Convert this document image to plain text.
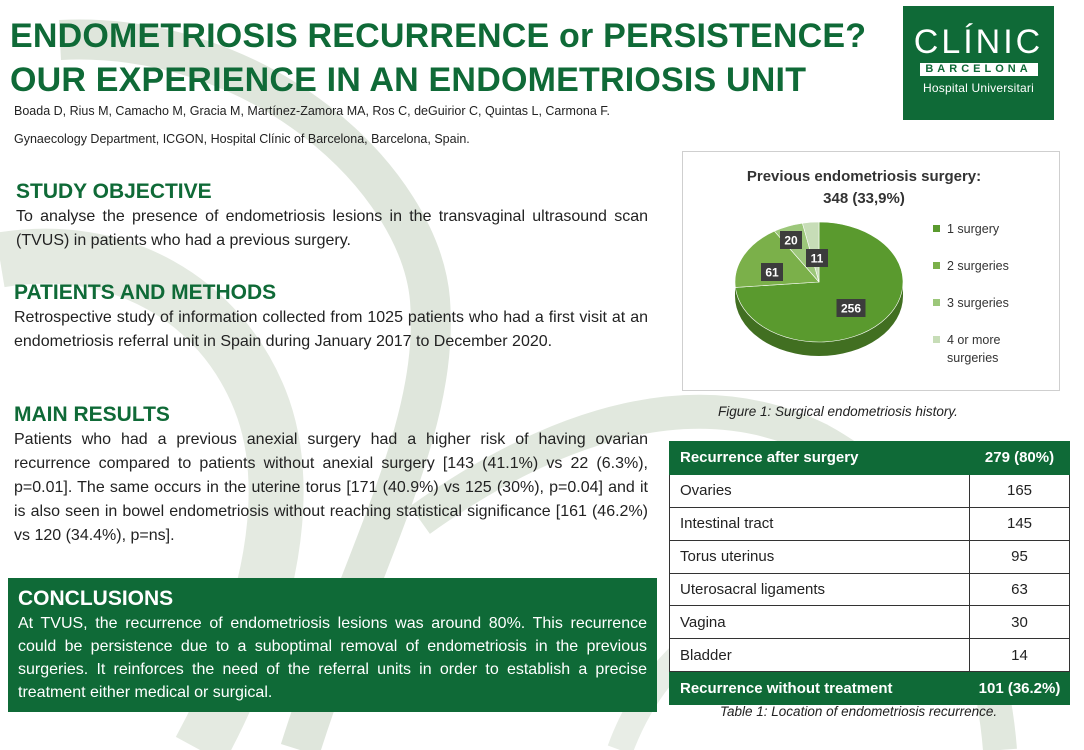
ENDOMETRIOSIS RECURRENCE or PERSISTENCE?
OUR EXPERIENCE IN AN ENDOMETRIOSIS UNIT
Boada D, Rius M, Camacho M, Gracia M, Martínez-Zamora MA, Ros C, deGuirior C, Quintas L, Carmona F.
Gynaecology Department, ICGON, Hospital Clínic of Barcelona, Barcelona, Spain.
CLÍNIC
BARCELONA
Hospital Universitari
STUDY OBJECTIVE
To analyse the presence of endometriosis lesions in the transvaginal ultrasound scan (TVUS) in patients who had a previous surgery.
PATIENTS AND METHODS
Retrospective study of information collected from 1025 patients who had a first visit at an endometriosis referral unit in Spain during January 2017 to December 2020.
MAIN RESULTS
Patients who had a previous anexial surgery had a higher risk of having ovarian recurrence compared to patients without anexial surgery [143 (41.1%) vs 22 (6.3%), p=0.01]. The same occurs in the uterine torus [171 (40.9%) vs 125 (30%), p=0.04] and it is also seen in bowel endometriosis without reaching statistical significance [161 (46.2%) vs 120 (34.4%), p=ns].
CONCLUSIONS
At TVUS, the recurrence of endometriosis lesions was around 80%. This recurrence could be persistence due to a suboptimal removal of endometriosis in the previous surgeries. It reinforces the need of the referral units in order to establish a precise treatment either medical or surgical.
Previous endometriosis surgery:
348 (33,9%)
256
61
20
11
1 surgery
2 surgeries
3 surgeries
4 or more surgeries
Figure 1: Surgical endometriosis history.
Recurrence after surgery	279 (80%)
Ovaries	165
Intestinal tract	145
Torus uterinus	95
Uterosacral ligaments	63
Vagina	30
Bladder	14
Recurrence without treatment	101 (36.2%)
Table 1: Location of endometriosis recurrence.
